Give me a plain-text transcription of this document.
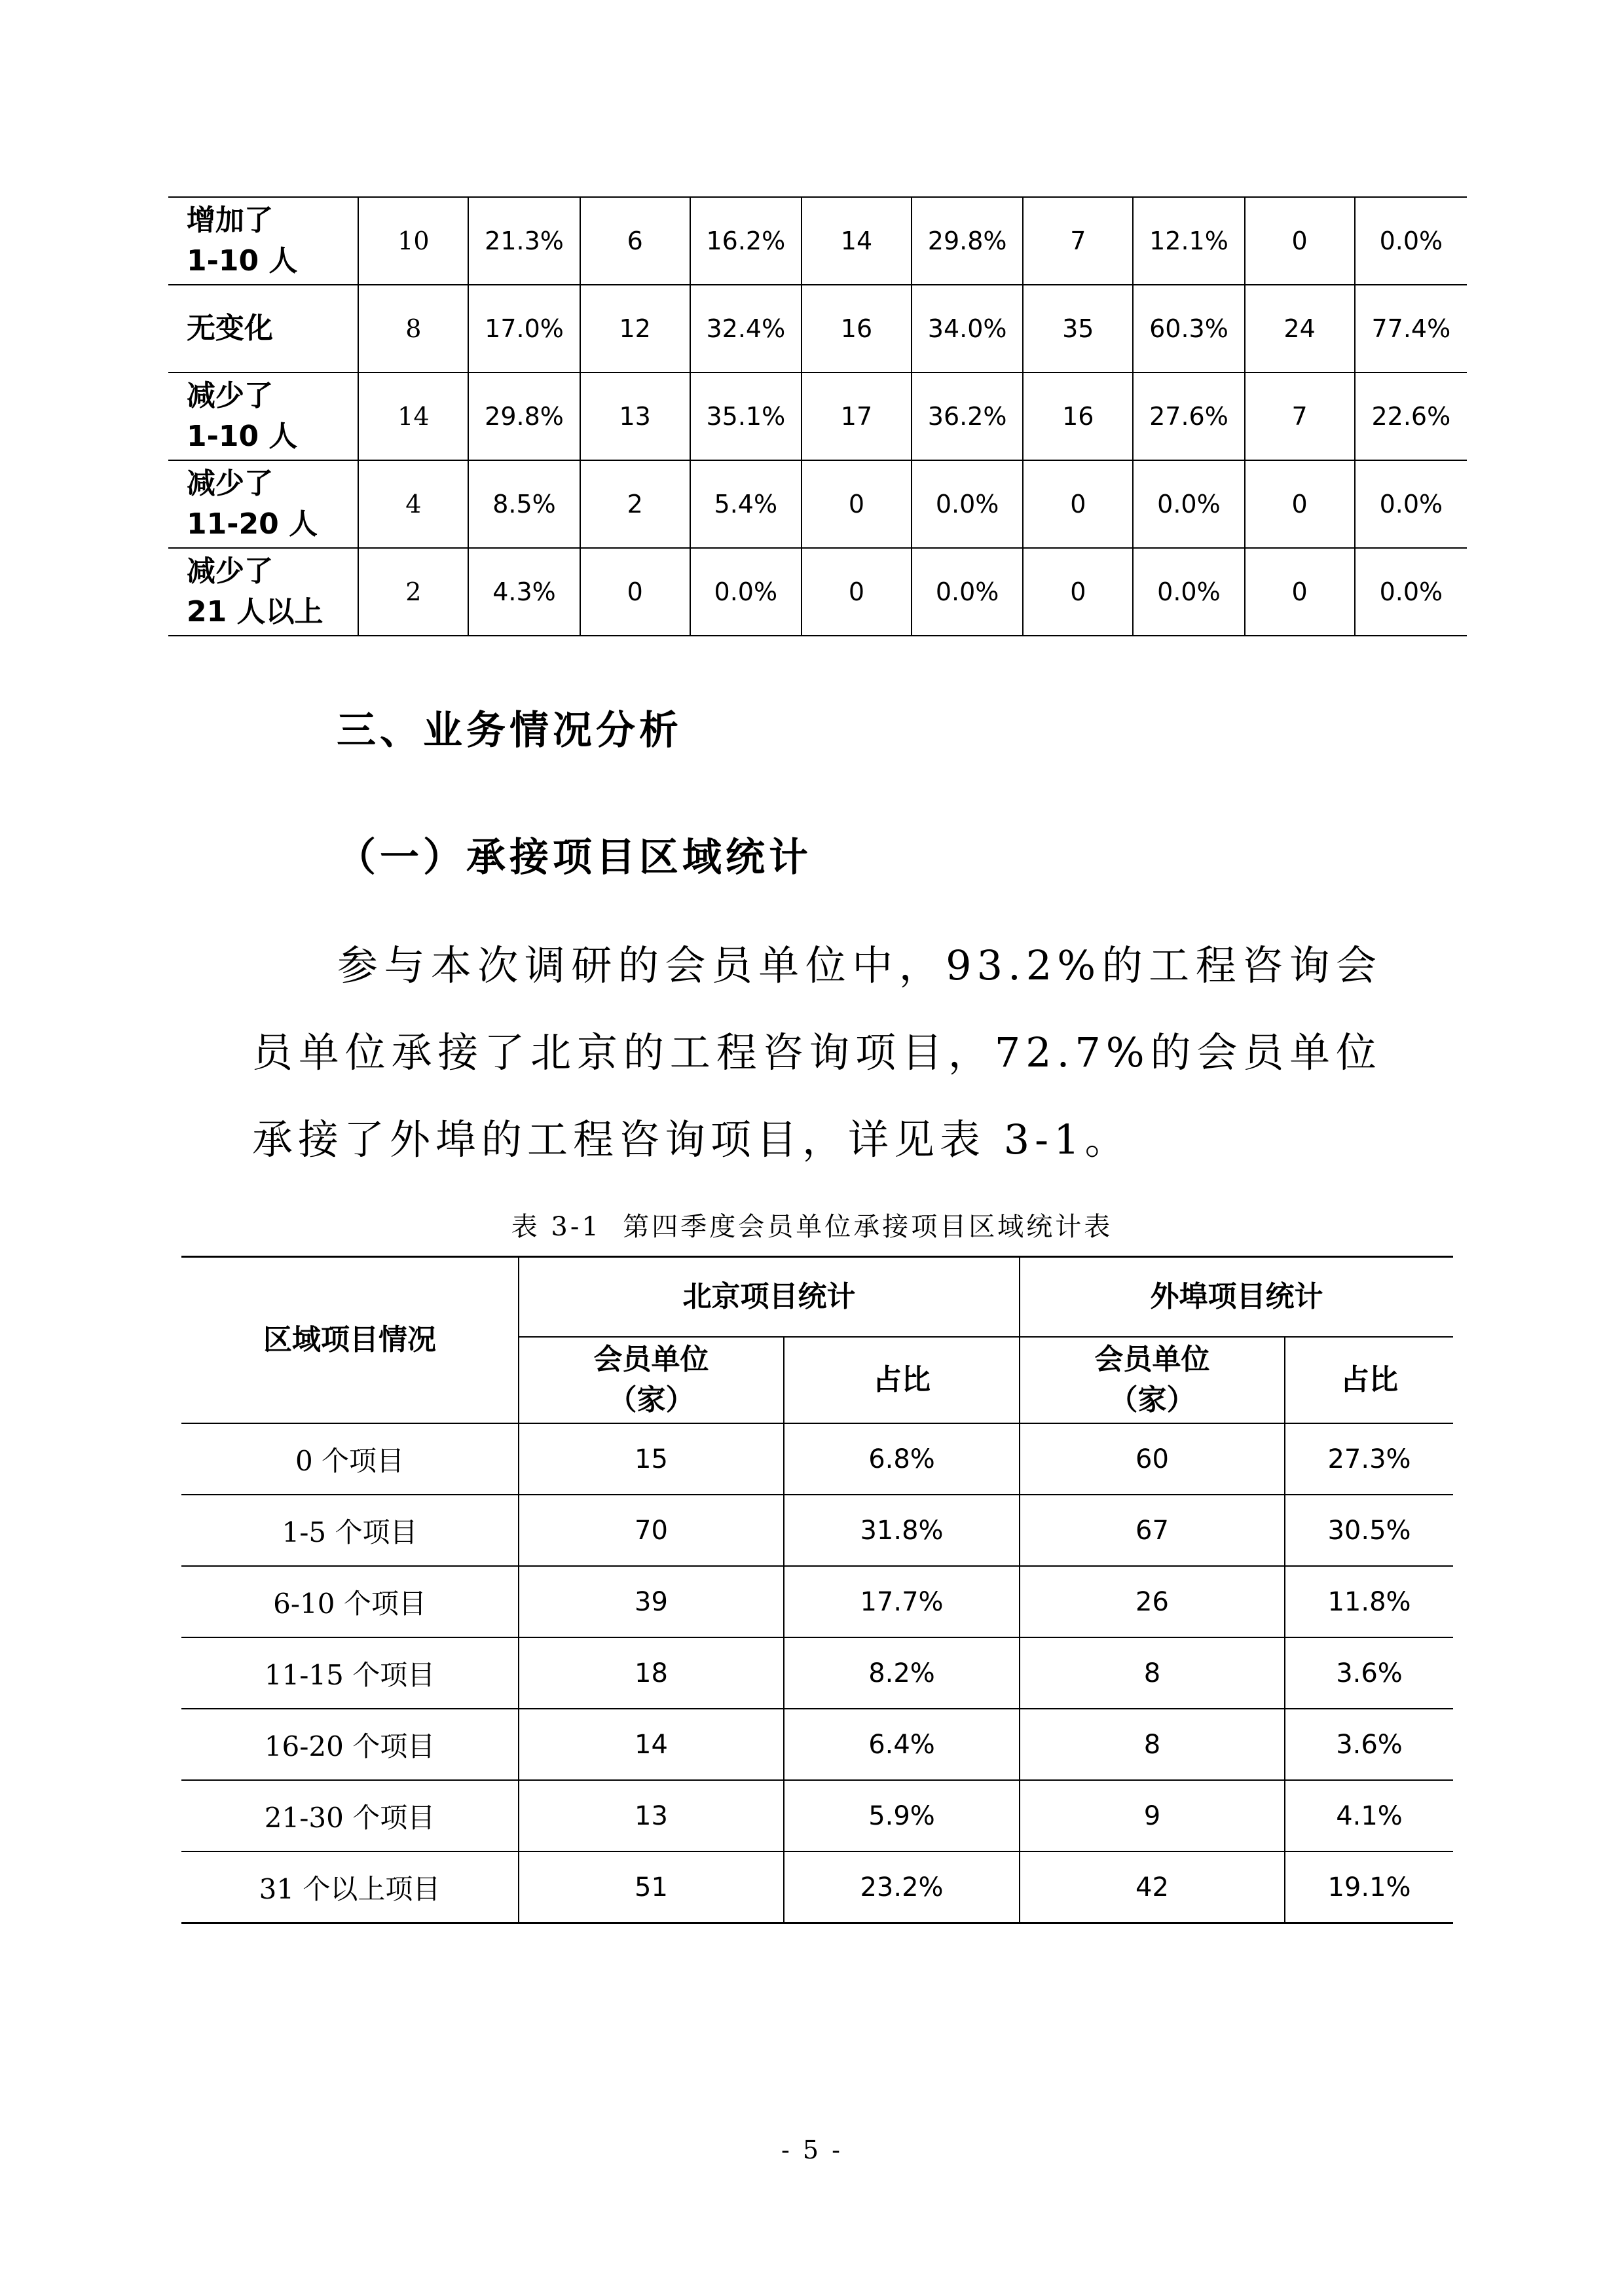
增加了
1-10 人	10	21.3%	6	16.2%	14	29.8%	7	12.1%	0	0.0%
无变化	8	17.0%	12	32.4%	16	34.0%	35	60.3%	24	77.4%
减少了
1-10 人	14	29.8%	13	35.1%	17	36.2%	16	27.6%	7	22.6%
减少了
11-20 人	4	8.5%	2	5.4%	0	0.0%	0	0.0%	0	0.0%
减少了
21 人以上	2	4.3%	0	0.0%	0	0.0%	0	0.0%	0	0.0%
三、业务情况分析
（一）承接项目区域统计

参与本次调研的会员单位中，93.2%的工程咨询会员单位承接了北京的工程咨询项目，72.7%的会员单位承接了外埠的工程咨询项目，详见表 3-1。

表 3-1  第四季度会员单位承接项目区域统计表

区域项目情况	北京项目统计		外埠项目统计	
	会员单位
（家）	占比	会员单位
（家）	占比
0 个项目	15	6.8%	60	27.3%
1-5 个项目	70	31.8%	67	30.5%
6-10 个项目	39	17.7%	26	11.8%
11-15 个项目	18	8.2%	8	3.6%
16-20 个项目	14	6.4%	8	3.6%
21-30 个项目	13	5.9%	9	4.1%
31 个以上项目	51	23.2%	42	19.1%

- 5 -
